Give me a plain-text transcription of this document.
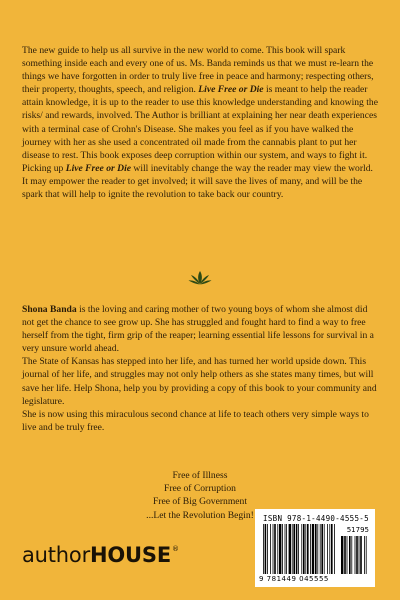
The new guide to help us all survive in the new world to come. This book will spark something inside each and every one of us. Ms. Banda reminds us that we must re-learn the things we have forgotten in order to truly live free in peace and harmony; respecting others, their property, thoughts, speech, and religion. Live Free or Die is meant to help the reader attain knowledge, it is up to the reader to use this knowledge understanding and knowing the risks/ and rewards, involved. The Author is brilliant at explaining her near death experiences with a terminal case of Crohn's Disease. She makes you feel as if you have walked the journey with her as she used a concentrated oil made from the cannabis plant to put her disease to rest. This book exposes deep corruption within our system, and ways to fight it. Picking up Live Free or Die will inevitably change the way the reader may view the world. It may empower the reader to get involved; it will save the lives of many, and will be the spark that will help to ignite the revolution to take back our country.

Shona Banda is the loving and caring mother of two young boys of whom she almost did not get the chance to see grow up. She has struggled and fought hard to find a way to free herself from the tight, firm grip of the reaper; learning essential life lessons for survival in a very unsure world ahead.

The State of Kansas has stepped into her life, and has turned her world upside down. This journal of her life, and struggles may not only help others as she states many times, but will save her life. Help Shona, help you by providing a copy of this book to your community and legislature.

She is now using this miraculous second chance at life to teach others very simple ways to live and be truly free.

Free of Illness
Free of Corruption
Free of Big Government
...Let the Revolution Begin!	ISBN 978-1-4490-4555-5
51795
9 781449 045555
authorHOUSE®
